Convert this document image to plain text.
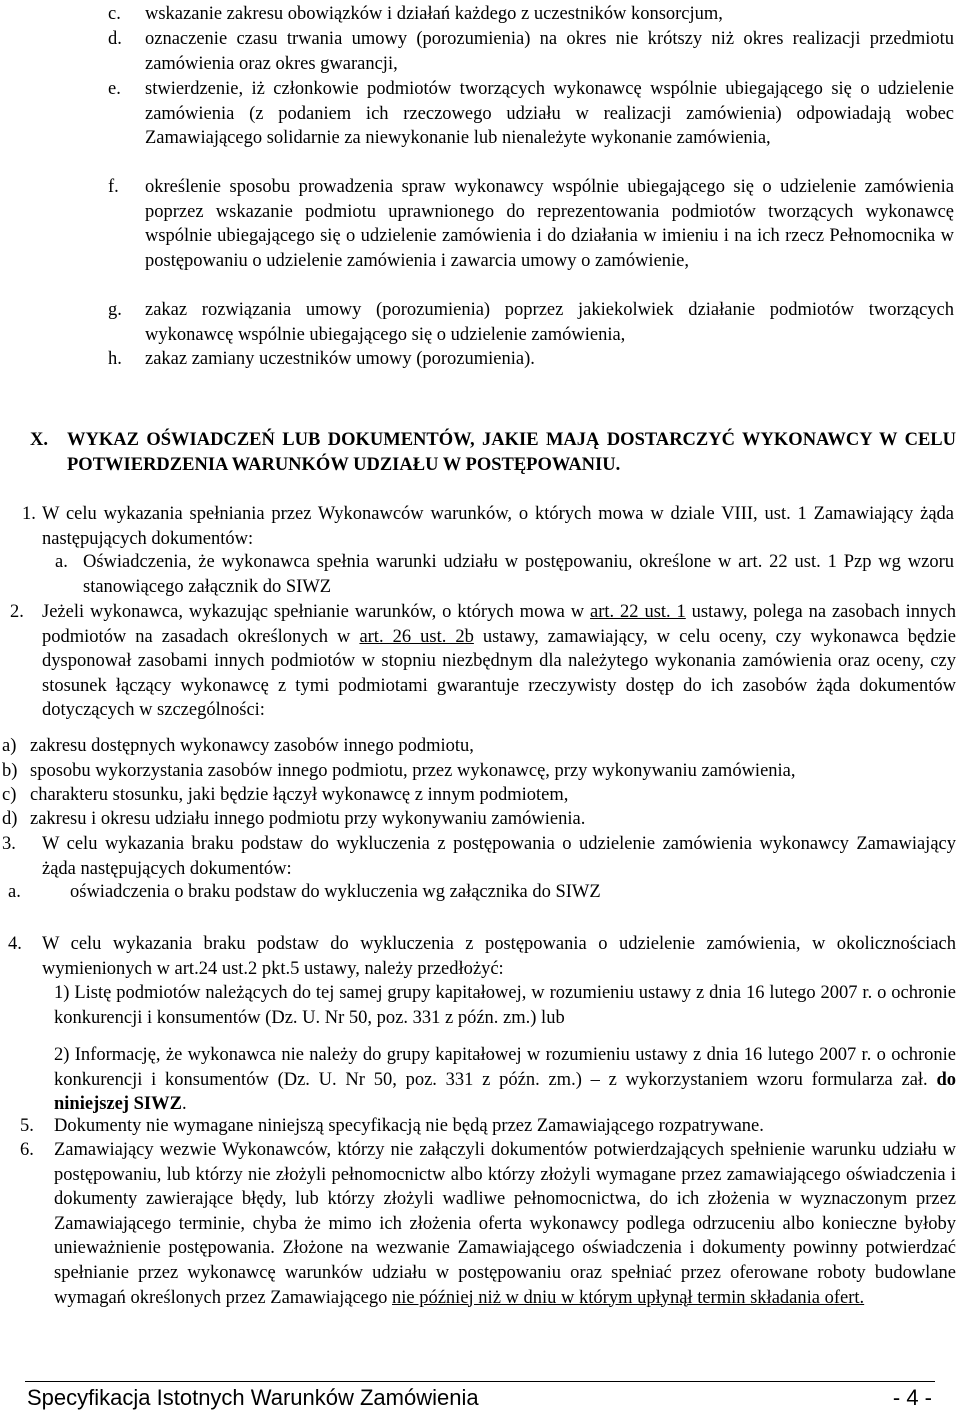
c. wskazanie zakresu obowiązków i działań każdego z uczestników konsorcjum,
d. oznaczenie czasu trwania umowy (porozumienia) na okres nie krótszy niż okres realizacji przedmiotu zamówienia oraz okres gwarancji,
e. stwierdzenie, iż członkowie podmiotów tworzących wykonawcę wspólnie ubiegającego się o udzielenie zamówienia (z podaniem ich rzeczowego udziału w realizacji zamówienia) odpowiadają wobec Zamawiającego solidarnie za niewykonanie lub nienależyte wykonanie zamówienia,
f. określenie sposobu prowadzenia spraw wykonawcy wspólnie ubiegającego się o udzielenie zamówienia poprzez wskazanie podmiotu uprawnionego do reprezentowania podmiotów tworzących wykonawcę wspólnie ubiegającego się o udzielenie zamówienia i do działania w imieniu i na ich rzecz Pełnomocnika w postępowaniu o udzielenie zamówienia i zawarcia umowy o zamówienie,
g. zakaz rozwiązania umowy (porozumienia) poprzez jakiekolwiek działanie podmiotów tworzących wykonawcę wspólnie ubiegającego się o udzielenie zamówienia,
h. zakaz zamiany uczestników umowy (porozumienia).
X. WYKAZ OŚWIADCZEŃ LUB DOKUMENTÓW, JAKIE MAJĄ DOSTARCZYĆ WYKONAWCY W CELU POTWIERDZENIA WARUNKÓW UDZIAŁU W POSTĘPOWANIU.
1. W celu wykazania spełniania przez Wykonawców warunków, o których mowa w dziale VIII, ust. 1 Zamawiający żąda następujących dokumentów:
a. Oświadczenia, że wykonawca spełnia warunki udziału w postępowaniu, określone w art. 22 ust. 1 Pzp wg wzoru stanowiącego załącznik do SIWZ
2. Jeżeli wykonawca, wykazując spełnianie warunków, o których mowa w art. 22 ust. 1 ustawy, polega na zasobach innych podmiotów na zasadach określonych w art. 26 ust. 2b ustawy, zamawiający, w celu oceny, czy wykonawca będzie dysponował zasobami innych podmiotów w stopniu niezbędnym dla należytego wykonania zamówienia oraz oceny, czy stosunek łączący wykonawcę z tymi podmiotami gwarantuje rzeczywisty dostęp do ich zasobów żąda dokumentów dotyczących w szczególności:
a) zakresu dostępnych wykonawcy zasobów innego podmiotu,
b) sposobu wykorzystania zasobów innego podmiotu, przez wykonawcę, przy wykonywaniu zamówienia,
c) charakteru stosunku, jaki będzie łączył wykonawcę z innym podmiotem,
d) zakresu i okresu udziału innego podmiotu przy wykonywaniu zamówienia.
3. W celu wykazania braku podstaw do wykluczenia z postępowania o udzielenie zamówienia wykonawcy Zamawiający żąda następujących dokumentów:
a.	oświadczenia o braku podstaw do wykluczenia wg załącznika do SIWZ
4. W celu wykazania braku podstaw do wykluczenia z postępowania o udzielenie zamówienia, w okolicznościach wymienionych w art.24 ust.2 pkt.5 ustawy, należy przedłożyć:
1) Listę podmiotów należących do tej samej grupy kapitałowej, w rozumieniu ustawy z dnia 16 lutego 2007 r. o ochronie konkurencji i konsumentów (Dz. U. Nr 50, poz. 331 z późn. zm.) lub
2) Informację, że wykonawca nie należy do grupy kapitałowej w rozumieniu ustawy z dnia 16 lutego 2007 r. o ochronie konkurencji i konsumentów (Dz. U. Nr 50, poz. 331 z późn. zm.) – z wykorzystaniem wzoru formularza zał. do niniejszej SIWZ.
5. Dokumenty nie wymagane niniejszą specyfikacją nie będą przez Zamawiającego rozpatrywane.
6. Zamawiający wezwie Wykonawców, którzy nie załączyli dokumentów potwierdzających spełnienie warunku udziału w postępowaniu, lub którzy nie złożyli pełnomocnictw albo którzy złożyli wymagane przez zamawiającego oświadczenia i dokumenty zawierające błędy, lub którzy złożyli wadliwe pełnomocnictwa, do ich złożenia w wyznaczonym przez Zamawiającego terminie, chyba że mimo ich złożenia oferta wykonawcy podlega odrzuceniu albo konieczne byłoby unieważnienie postępowania. Złożone na wezwanie Zamawiającego oświadczenia i dokumenty powinny potwierdzać spełnianie przez wykonawcę warunków udziału w postępowaniu oraz spełniać przez oferowane roboty budowlane wymagań określonych przez Zamawiającego nie później niż w dniu w którym upłynął termin składania ofert.
Specyfikacja Istotnych Warunków Zamówienia	- 4 -
